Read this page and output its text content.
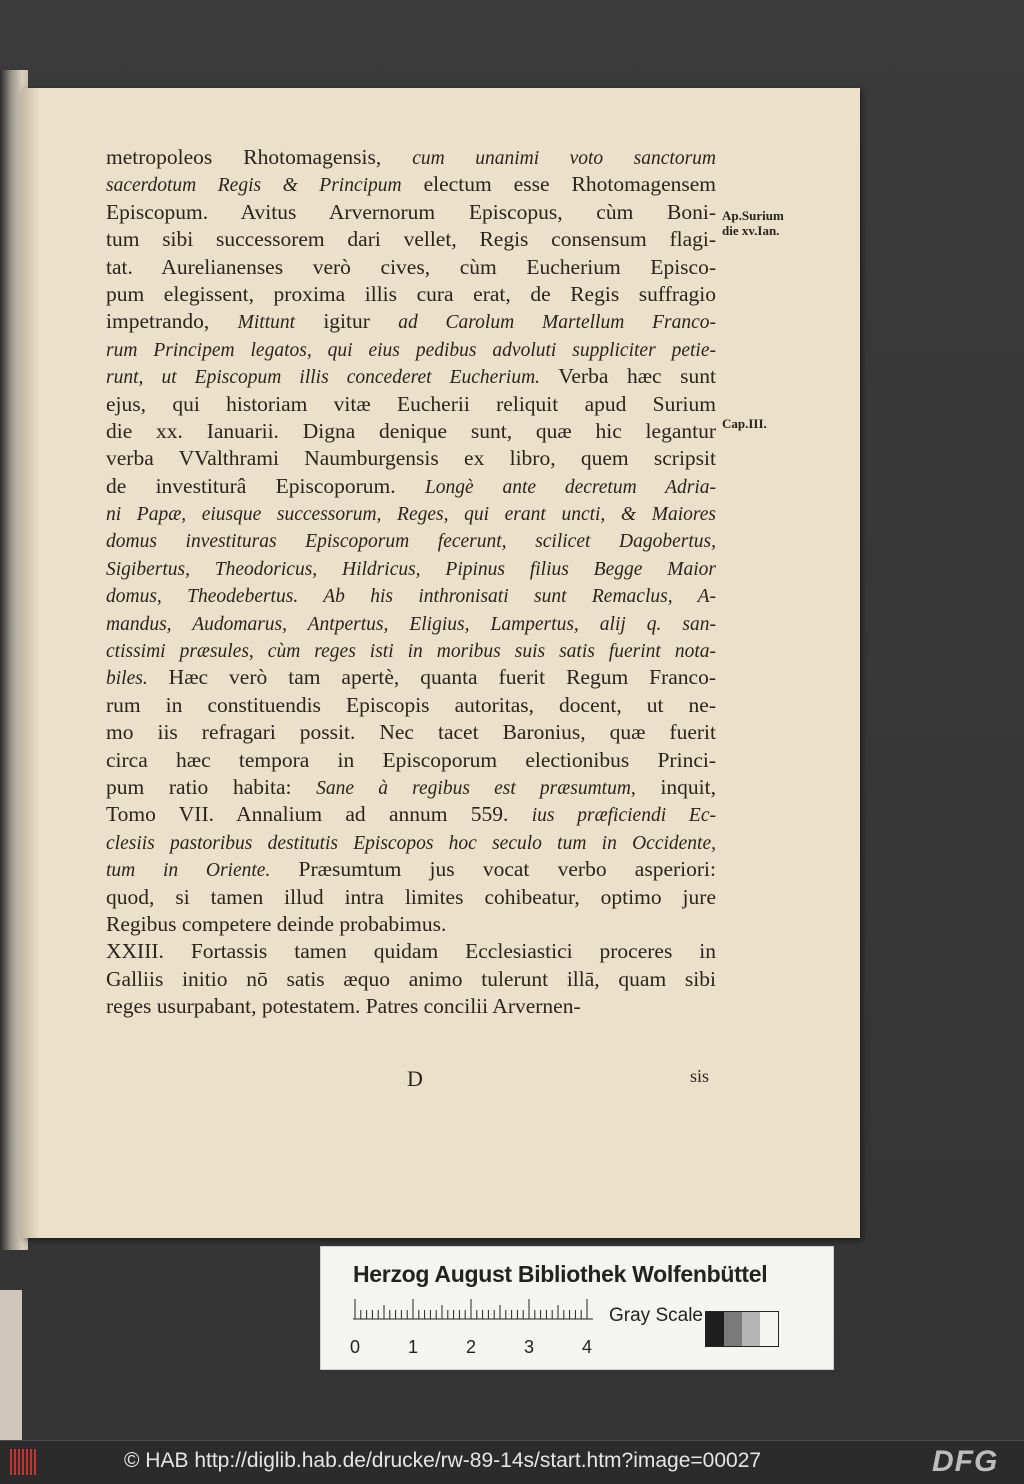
metropoleos Rhotomagensis, cum unanimi voto sanctorum
sacerdotum Regis & Principum electum esse Rhotomagensem
Episcopum. Avitus Arvernorum Episcopus, cùm Boni-
tum sibi successorem dari vellet, Regis consensum flagi-
tat. Aurelianenses verò cives, cùm Eucherium Episco-
pum elegissent, proxima illis cura erat, de Regis suffragio
impetrando, Mittunt igitur ad Carolum Martellum Franco-
rum Principem legatos, qui eius pedibus advoluti suppliciter petie-
runt, ut Episcopum illis concederet Eucherium. Verba hæc sunt
ejus, qui historiam vitæ Eucherii reliquit apud Surium
die xx. Ianuarii. Digna denique sunt, quæ hic legantur
verba VValthrami Naumburgensis ex libro, quem scripsit
de investiturâ Episcoporum. Longè ante decretum Adria-
ni Papæ, eiusque successorum, Reges, qui erant uncti, & Maiores
domus investituras Episcoporum fecerunt, scilicet Dagobertus,
Sigibertus, Theodoricus, Hildricus, Pipinus filius Begge Maior
domus, Theodebertus. Ab his inthronisati sunt Remaclus, A-
mandus, Audomarus, Antpertus, Eligius, Lampertus, alij q. san-
ctissimi præsules, cùm reges isti in moribus suis satis fuerint nota-
biles. Hæc verò tam apertè, quanta fuerit Regum Franco-
rum in constituendis Episcopis autoritas, docent, ut ne-
mo iis refragari possit. Nec tacet Baronius, quæ fuerit
circa hæc tempora in Episcoporum electionibus Princi-
pum ratio habita: Sane à regibus est præsumtum, inquit,
Tomo VII. Annalium ad annum 559. ius præficiendi Ec-
clesiis pastoribus destitutis Episcopos hoc seculo tum in Occidente,
tum in Oriente. Præsumtum jus vocat verbo asperiori:
quod, si tamen illud intra limites cohibeatur, optimo jure
Regibus competere deinde probabimus.
XXIII. Fortassis tamen quidam Ecclesiastici proceres in
Galliis initio nō satis æquo animo tulerunt illā, quam sibi
reges usurpabant, potestatem. Patres concilii Arvernen-
Ap.Surium
die xv.Ian.
Cap.III.
D	sis
Herzog August Bibliothek Wolfenbüttel
0	1	2	3	4
Gray Scale
© HAB http://diglib.hab.de/drucke/rw-89-14s/start.htm?image=00027	DFG
